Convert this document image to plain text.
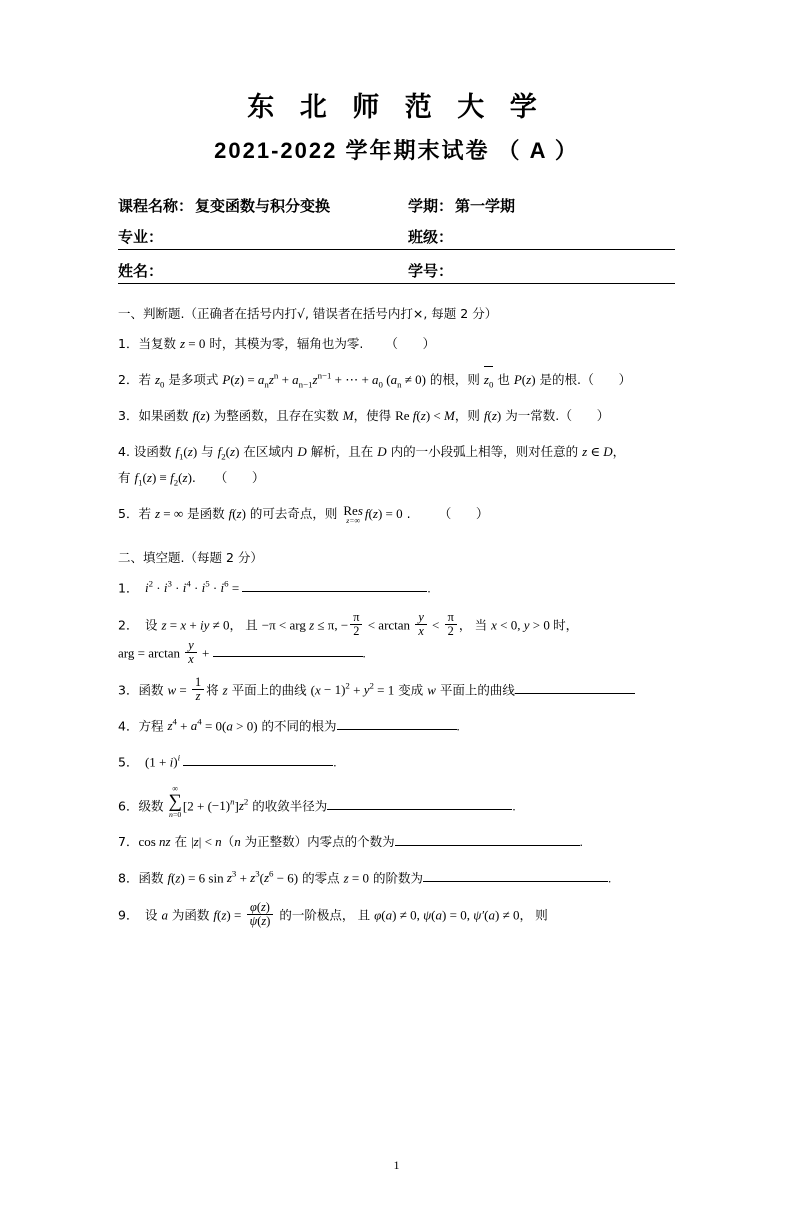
东 北 师 范 大 学
2021-2022 学年期末试卷 （ A ）
课程名称： 复变函数与积分变换	学期： 第一学期
专业：	班级：
姓名：	学号：
一、判断题.（正确者在括号内打√, 错误者在括号内打×, 每题 2 分）
1．当复数 z = 0 时，其模为零，辐角也为零.   （  ）
2．若 $z_0$ 是多项式 $P(z) = a_nz^n + a_{n-1}z^{n-1}$ + ⋯ + $a_0$ $(a_n \ne 0)$ 的根，则 $z_0$ 也 P(z) 是的根.（  ）
3．如果函数 f(z) 为整函数，且存在实数 M，使得 Re f(z) < M，则 f(z) 为一常数.（  ）
4. 设函数 $f_1(z)$ 与 $f_2(z)$ 在区域内 D 解析，且在 D 内的一小段弧上相等，则对任意的 z ∈ D，
有 $f_1(z) \equiv f_2(z)$.  （  ）
5．若 z = ∞ 是函数 f(z) 的可去奇点，则 Res
z=∞ f(z) = 0 .   （  ）
二、填空题.（每题 2 分）
1． $i^2 \cdot i^3 \cdot i^4 \cdot i^5 \cdot i^6$ =	.
2． 设 z = x + iy ≠ 0， 且 −π < arg z ≤ π, − $\frac{\pi}{2} < \arctan \frac{y}{x} < \frac{\pi}{2}$ ， 当 x < 0, y > 0 时，
arg = $\arctan \frac{y}{x}$ +	.
3．函数 $w = \frac{1}{z}$ 将 z 平面上的曲线 $(x - 1)^2 + y^2 = 1$ 变成 w 平面上的曲线
4．方程 $z^4 + a^4 = 0(a > 0)$ 的不同的根为	.
5． $(1 + i)^i$	.
6．级数
∞
∑
n=0
$[2 + (-1)^n]z^2$ 的收敛半径为	.
7．cos nz 在 |z| < n（n 为正整数）内零点的个数为	.
8．函数 f(z) = 6 $\sin z^3 + z^3(z^6 - 6)$ 的零点 z = 0 的阶数为	.
9． 设 a 为函数 $f(z) = \frac{\varphi(z)}{\psi(z)}$ 的一阶极点， 且 φ(a) ≠ 0, ψ(a) = 0, ψ′(a) ≠ 0， 则
1
